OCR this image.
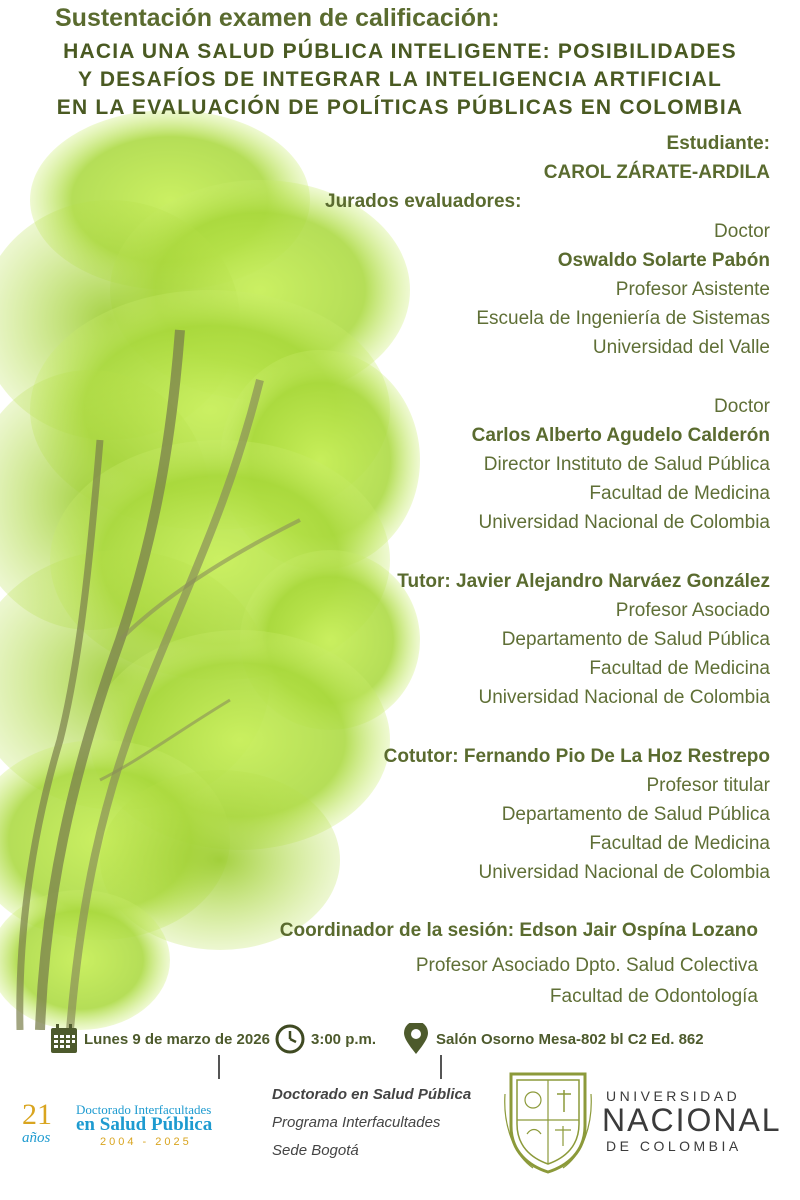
Sustentación examen de calificación:
HACIA UNA SALUD PÚBLICA INTELIGENTE: POSIBILIDADES
Y DESAFÍOS DE INTEGRAR LA INTELIGENCIA ARTIFICIAL
EN LA EVALUACIÓN DE POLÍTICAS PÚBLICAS EN COLOMBIA
Estudiante:
CAROL ZÁRATE-ARDILA
Jurados evaluadores:
Doctor
Oswaldo Solarte Pabón
Profesor Asistente
Escuela de Ingeniería de Sistemas
Universidad del Valle
Doctor
Carlos Alberto Agudelo Calderón
Director Instituto de Salud Pública
Facultad de Medicina
Universidad Nacional de Colombia
Tutor: Javier Alejandro Narváez González
Profesor Asociado
Departamento de Salud Pública
Facultad de Medicina
Universidad Nacional de Colombia
Cotutor: Fernando Pio De La Hoz Restrepo
Profesor titular
Departamento de Salud Pública
Facultad de Medicina
Universidad Nacional de Colombia
Coordinador de la sesión: Edson Jair Ospína Lozano
Profesor Asociado Dpto. Salud Colectiva
Facultad de Odontología
Lunes 9 de marzo de 2026	3:00 p.m.	Salón Osorno Mesa-802 bl C2 Ed. 862
21
años
Doctorado Interfacultades
en Salud Pública
2004 - 2025
Doctorado en Salud Pública
Programa Interfacultades
Sede Bogotá
UNIVERSIDAD
NACIONAL
DE COLOMBIA
